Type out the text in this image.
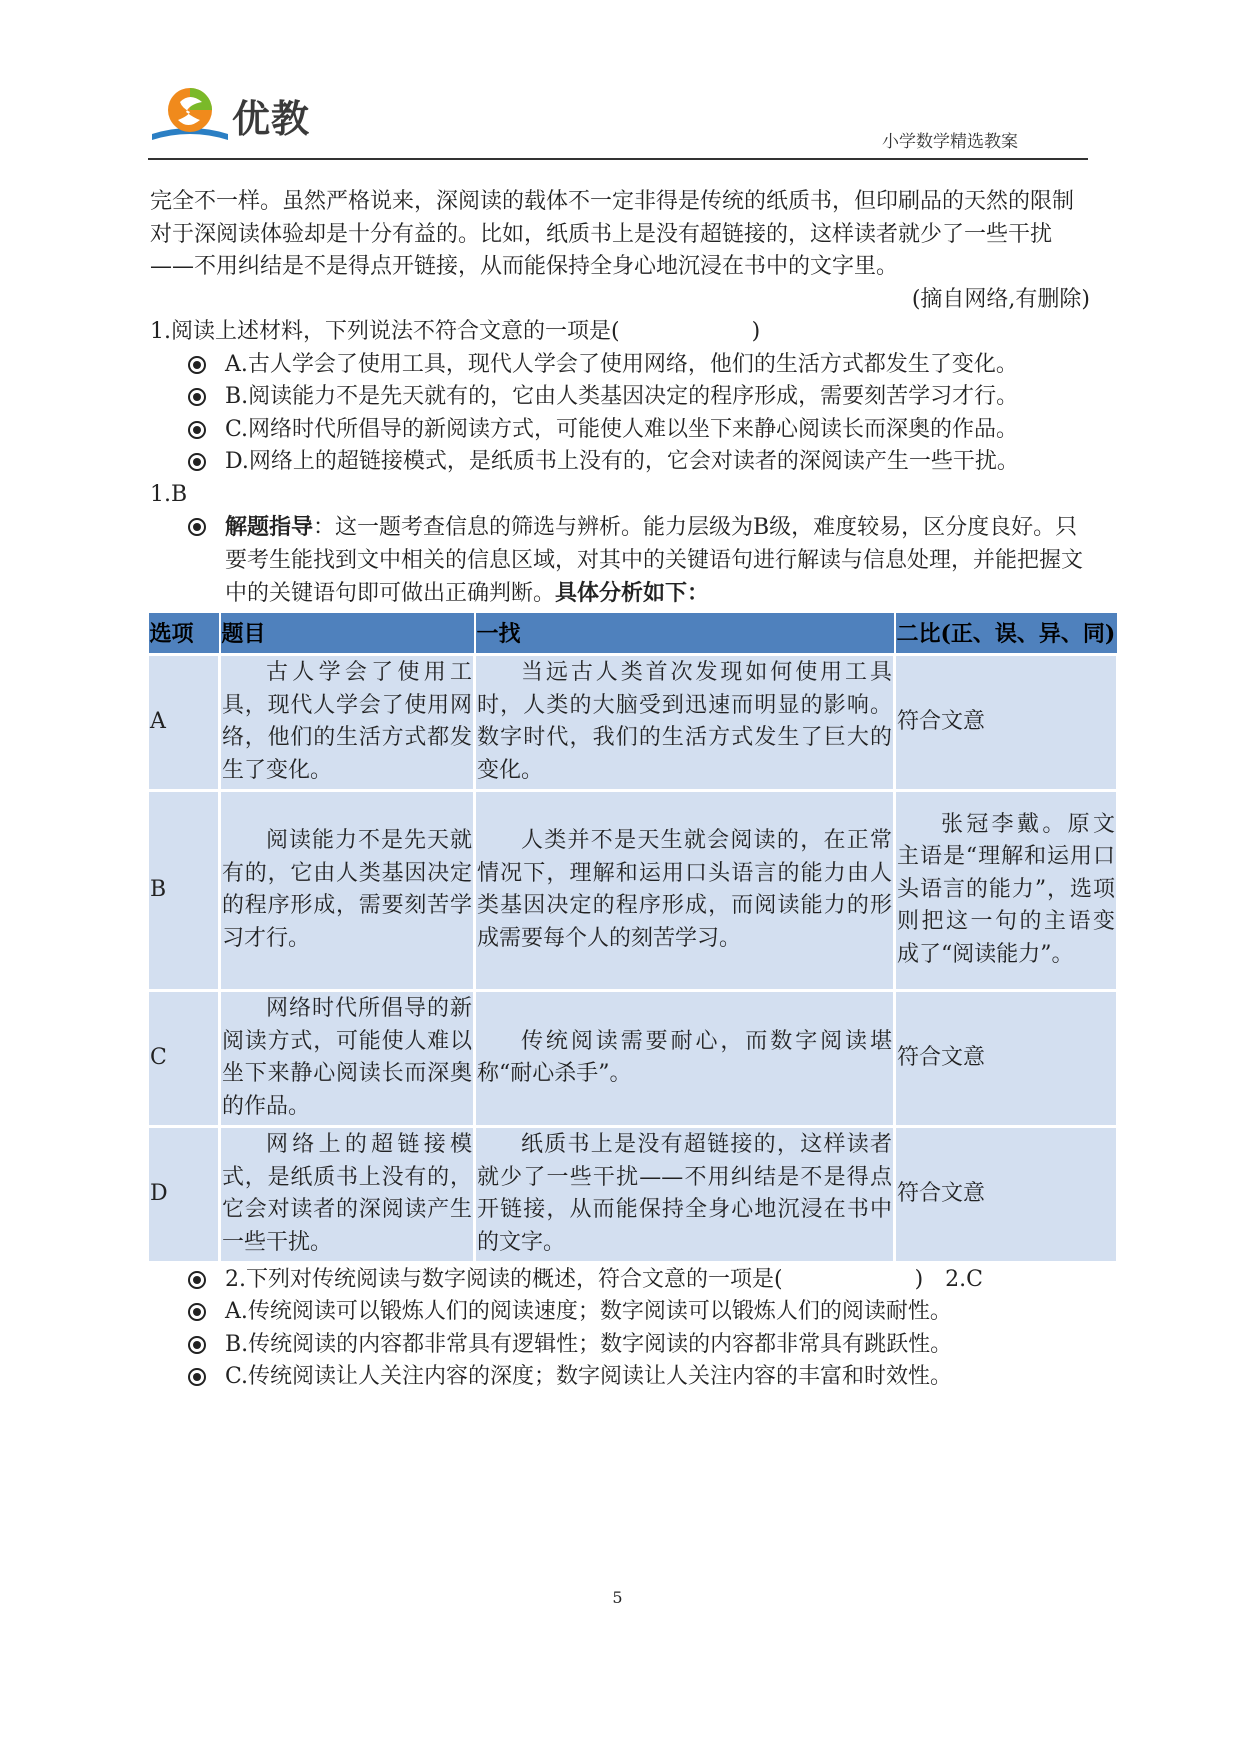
优教
小学数学精选教案

完全不一样。虽然严格说来，深阅读的载体不一定非得是传统的纸质书，但印刷品的天然的限制对于深阅读体验却是十分有益的。比如，纸质书上是没有超链接的，这样读者就少了一些干扰——不用纠结是不是得点开链接，从而能保持全身心地沉浸在书中的文字里。

(摘自网络,有删除)

1.阅读上述材料，下列说法不符合文意的一项是(　　　　　　)

A.古人学会了使用工具，现代人学会了使用网络，他们的生活方式都发生了变化。

B.阅读能力不是先天就有的，它由人类基因决定的程序形成，需要刻苦学习才行。

C.网络时代所倡导的新阅读方式，可能使人难以坐下来静心阅读长而深奥的作品。

D.网络上的超链接模式，是纸质书上没有的，它会对读者的深阅读产生一些干扰。

1.B

解题指导：这一题考查信息的筛选与辨析。能力层级为B级，难度较易，区分度良好。只要考生能找到文中相关的信息区域，对其中的关键语句进行解读与信息处理，并能把握文中的关键语句即可做出正确判断。具体分析如下：

选项	题目	一找	二比(正、误、异、同)
A	古人学会了使用工具，现代人学会了使用网络，他们的生活方式都发生了变化。	当远古人类首次发现如何使用工具时，人类的大脑受到迅速而明显的影响。数字时代，我们的生活方式发生了巨大的变化。	符合文意
B	阅读能力不是先天就有的，它由人类基因决定的程序形成，需要刻苦学习才行。	人类并不是天生就会阅读的，在正常情况下，理解和运用口头语言的能力由人类基因决定的程序形成，而阅读能力的形成需要每个人的刻苦学习。	张冠李戴。原文主语是“理解和运用口头语言的能力”，选项则把这一句的主语变成了“阅读能力”。
C	网络时代所倡导的新阅读方式，可能使人难以坐下来静心阅读长而深奥的作品。	传统阅读需要耐心，而数字阅读堪称“耐心杀手”。	符合文意
D	网络上的超链接模式，是纸质书上没有的，它会对读者的深阅读产生一些干扰。	纸质书上是没有超链接的，这样读者就少了一些干扰——不用纠结是不是得点开链接，从而能保持全身心地沉浸在书中的文字。	符合文意

2.下列对传统阅读与数字阅读的概述，符合文意的一项是(　　　　　　)　2.C

A.传统阅读可以锻炼人们的阅读速度；数字阅读可以锻炼人们的阅读耐性。

B.传统阅读的内容都非常具有逻辑性；数字阅读的内容都非常具有跳跃性。

C.传统阅读让人关注内容的深度；数字阅读让人关注内容的丰富和时效性。

5
